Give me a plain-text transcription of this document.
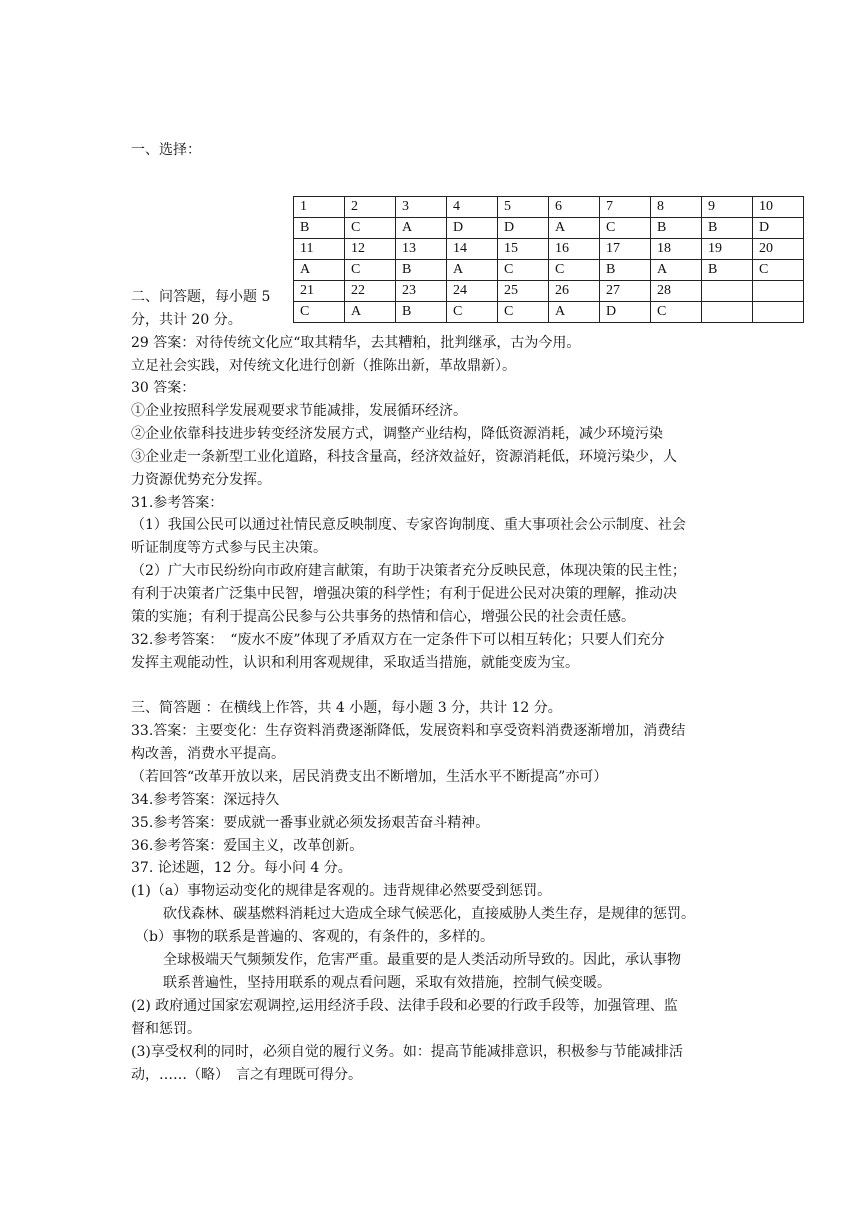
一、选择：
1	2	3	4	5	6	7	8	9	10
B	C	A	D	D	A	C	B	B	D
11	12	13	14	15	16	17	18	19	20
A	C	B	A	C	C	B	A	B	C
21	22	23	24	25	26	27	28		
C	A	B	C	C	A	D	C		
二、问答题，每小题 5
分，共计 20 分。
29 答案：对待传统文化应“取其精华，去其糟粕，批判继承，古为今用。
立足社会实践，对传统文化进行创新（推陈出新，革故鼎新）。
30 答案：
①企业按照科学发展观要求节能减排，发展循环经济。
②企业依靠科技进步转变经济发展方式，调整产业结构，降低资源消耗，减少环境污染
③企业走一条新型工业化道路，科技含量高，经济效益好，资源消耗低，环境污染少，人
力资源优势充分发挥。
31.参考答案：
（1）我国公民可以通过社情民意反映制度、专家咨询制度、重大事项社会公示制度、社会
听证制度等方式参与民主决策。
（2）广大市民纷纷向市政府建言献策，有助于决策者充分反映民意，体现决策的民主性；
有利于决策者广泛集中民智，增强决策的科学性；有利于促进公民对决策的理解，推动决
策的实施；有利于提高公民参与公共事务的热情和信心，增强公民的社会责任感。
32.参考答案：　“废水不废”体现了矛盾双方在一定条件下可以相互转化；只要人们充分
发挥主观能动性，认识和利用客观规律，采取适当措施，就能变废为宝。
三、简答题 ：在横线上作答，共 4 小题，每小题 3 分，共计 12 分。
33.答案：主要变化：生存资料消费逐渐降低，发展资料和享受资料消费逐渐增加，消费结
构改善，消费水平提高。
（若回答“改革开放以来，居民消费支出不断增加，生活水平不断提高”亦可）
34.参考答案：深远持久
35.参考答案：要成就一番事业就必须发扬艰苦奋斗精神。
36.参考答案：爱国主义，改革创新。
37. 论述题，12 分。每小问 4 分。
(1)（a）事物运动变化的规律是客观的。违背规律必然要受到惩罚。
砍伐森林、碳基燃料消耗过大造成全球气候恶化，直接威胁人类生存，是规律的惩罚。
（b）事物的联系是普遍的、客观的，有条件的，多样的。
全球极端天气频频发作，危害严重。最重要的是人类活动所导致的。因此，承认事物
联系普遍性，坚持用联系的观点看问题，采取有效措施，控制气候变暖。
(2) 政府通过国家宏观调控,运用经济手段、法律手段和必要的行政手段等，加强管理、监
督和惩罚。
(3)享受权利的同时，必须自觉的履行义务。如：提高节能减排意识，积极参与节能减排活
动，……（略）　言之有理既可得分。
